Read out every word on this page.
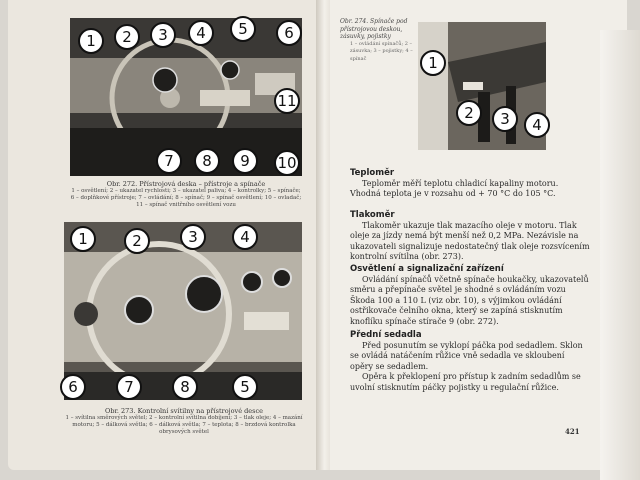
1	2	3	4	5	6
11
7	8	9	10
Obr. 272. Přístrojová deska – přístroje a spínače
1 – osvětlení; 2 – ukazatel rychlosti; 3 – ukazatel paliva; 4 – kontrolky; 5 – spínače; 6 – doplňkové přístroje; 7 – ovládání; 8 – spínač; 9 – spínač osvětlení; 10 – ovladač; 11 – spínač vnitřního osvětlení vozu
1	2	3	4
6	7	8	5
Obr. 273. Kontrolní svítilny na přístrojové desce
1 – svítilna směrových světel; 2 – kontrolní svítilna dobíjení; 3 – tlak oleje; 4 – mazání motoru; 5 – dálková světla; 6 – dálková světla; 7 – teplota; 8 – brzdová kontrolka obrysových světel
Obr. 274. Spínače pod přístrojovou deskou, zásuvky, pojistky
1 – ovládání spínačů; 2 – zásuvka; 3 – pojistky; 4 – spínač	1
2	3	4
Teploměr

Teploměr měří teplotu chladicí kapaliny motoru. Vhodná teplota je v rozsahu od + 70 °C do 105 °C.

Tlakoměr

Tlakoměr ukazuje tlak mazacího oleje v motoru. Tlak oleje za jízdy nemá být menší než 0,2 MPa. Nezávisle na ukazovateli signalizuje nedostatečný tlak oleje rozsvícením kontrolní svítilna (obr. 273).

Osvětlení a signalizační zařízení

Ovládání spínačů včetně spínače houkačky, ukazovatelů směru a přepínače světel je shodné s ovládáním vozu Škoda 100 a 110 L (viz obr. 10), s výjimkou ovládání ostřikovače čelního okna, který se zapíná stisknutím knoflíku spínače stírače 9 (obr. 272).

Přední sedadla

Před posunutím se vyklopí páčka pod sedadlem. Sklon se ovládá natáčením růžice vně sedadla ve skloubení opěry se sedadlem.

Opěra k překlopení pro přístup k zadním sedadlům se uvolní stisknutím páčky pojistky u regulační růžice.

421
